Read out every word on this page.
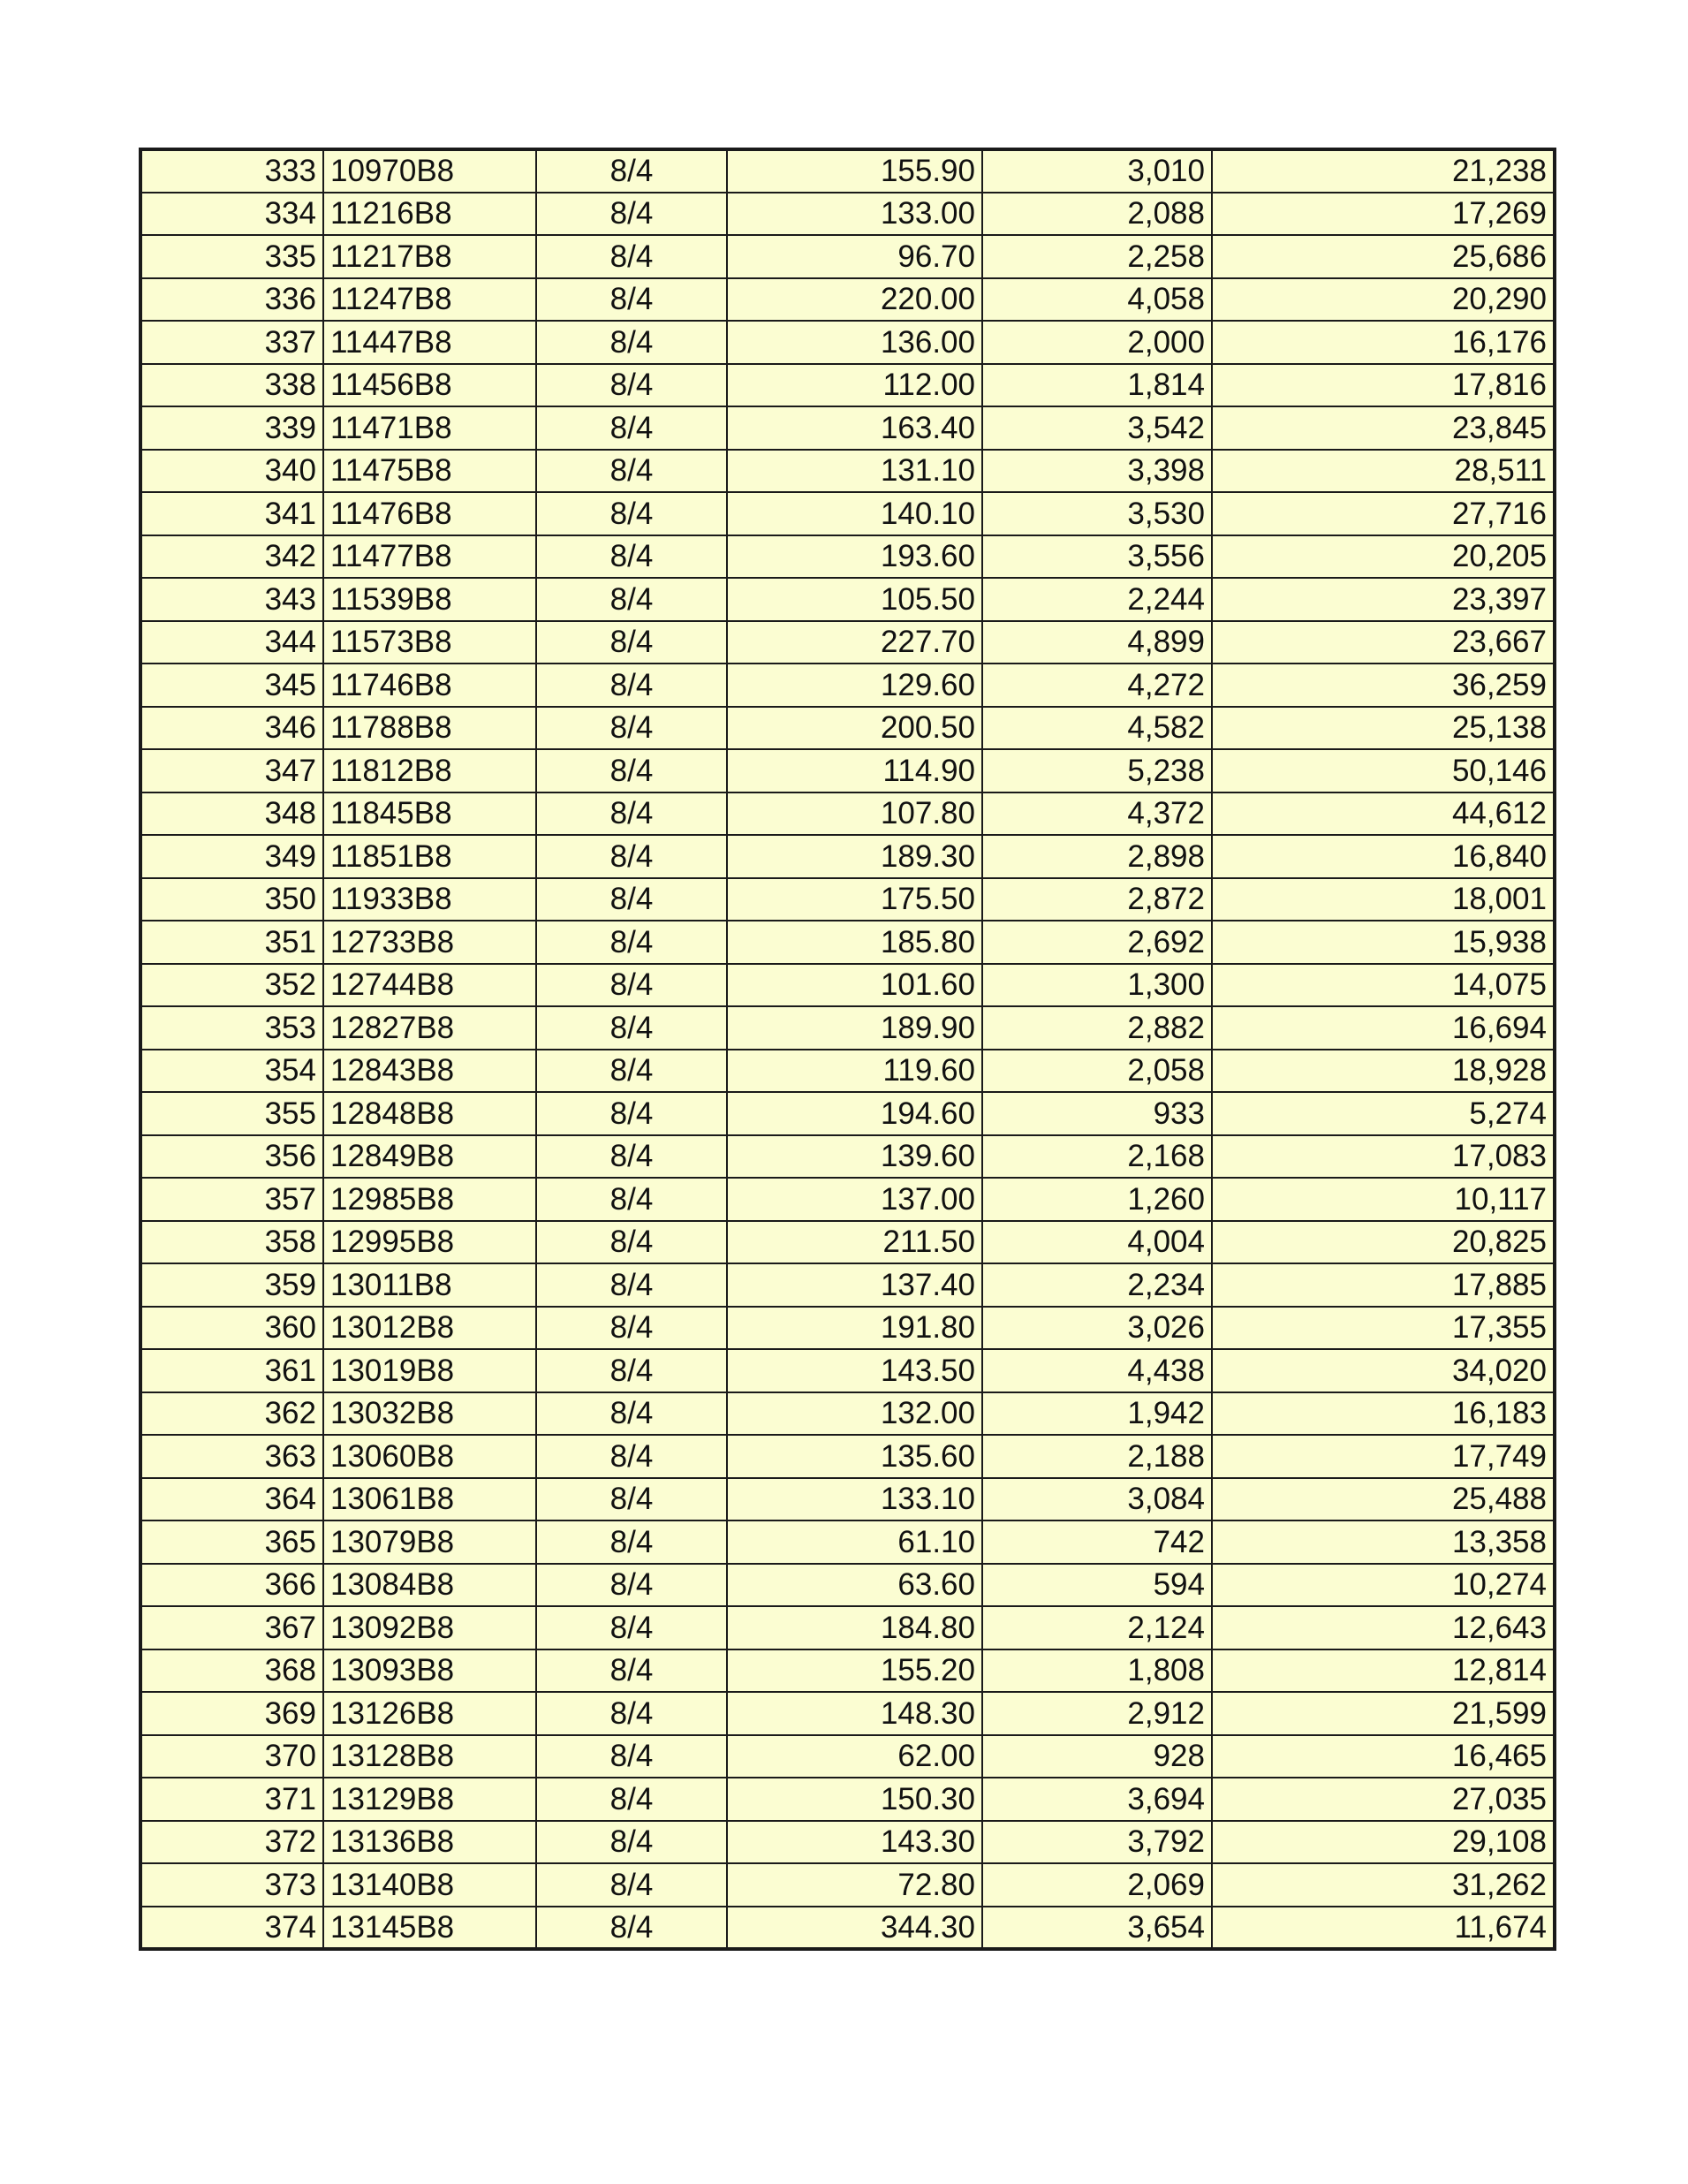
333	10970B8	8/4	155.90	3,010	21,238
334	11216B8	8/4	133.00	2,088	17,269
335	11217B8	8/4	96.70	2,258	25,686
336	11247B8	8/4	220.00	4,058	20,290
337	11447B8	8/4	136.00	2,000	16,176
338	11456B8	8/4	112.00	1,814	17,816
339	11471B8	8/4	163.40	3,542	23,845
340	11475B8	8/4	131.10	3,398	28,511
341	11476B8	8/4	140.10	3,530	27,716
342	11477B8	8/4	193.60	3,556	20,205
343	11539B8	8/4	105.50	2,244	23,397
344	11573B8	8/4	227.70	4,899	23,667
345	11746B8	8/4	129.60	4,272	36,259
346	11788B8	8/4	200.50	4,582	25,138
347	11812B8	8/4	114.90	5,238	50,146
348	11845B8	8/4	107.80	4,372	44,612
349	11851B8	8/4	189.30	2,898	16,840
350	11933B8	8/4	175.50	2,872	18,001
351	12733B8	8/4	185.80	2,692	15,938
352	12744B8	8/4	101.60	1,300	14,075
353	12827B8	8/4	189.90	2,882	16,694
354	12843B8	8/4	119.60	2,058	18,928
355	12848B8	8/4	194.60	933	5,274
356	12849B8	8/4	139.60	2,168	17,083
357	12985B8	8/4	137.00	1,260	10,117
358	12995B8	8/4	211.50	4,004	20,825
359	13011B8	8/4	137.40	2,234	17,885
360	13012B8	8/4	191.80	3,026	17,355
361	13019B8	8/4	143.50	4,438	34,020
362	13032B8	8/4	132.00	1,942	16,183
363	13060B8	8/4	135.60	2,188	17,749
364	13061B8	8/4	133.10	3,084	25,488
365	13079B8	8/4	61.10	742	13,358
366	13084B8	8/4	63.60	594	10,274
367	13092B8	8/4	184.80	2,124	12,643
368	13093B8	8/4	155.20	1,808	12,814
369	13126B8	8/4	148.30	2,912	21,599
370	13128B8	8/4	62.00	928	16,465
371	13129B8	8/4	150.30	3,694	27,035
372	13136B8	8/4	143.30	3,792	29,108
373	13140B8	8/4	72.80	2,069	31,262
374	13145B8	8/4	344.30	3,654	11,674
